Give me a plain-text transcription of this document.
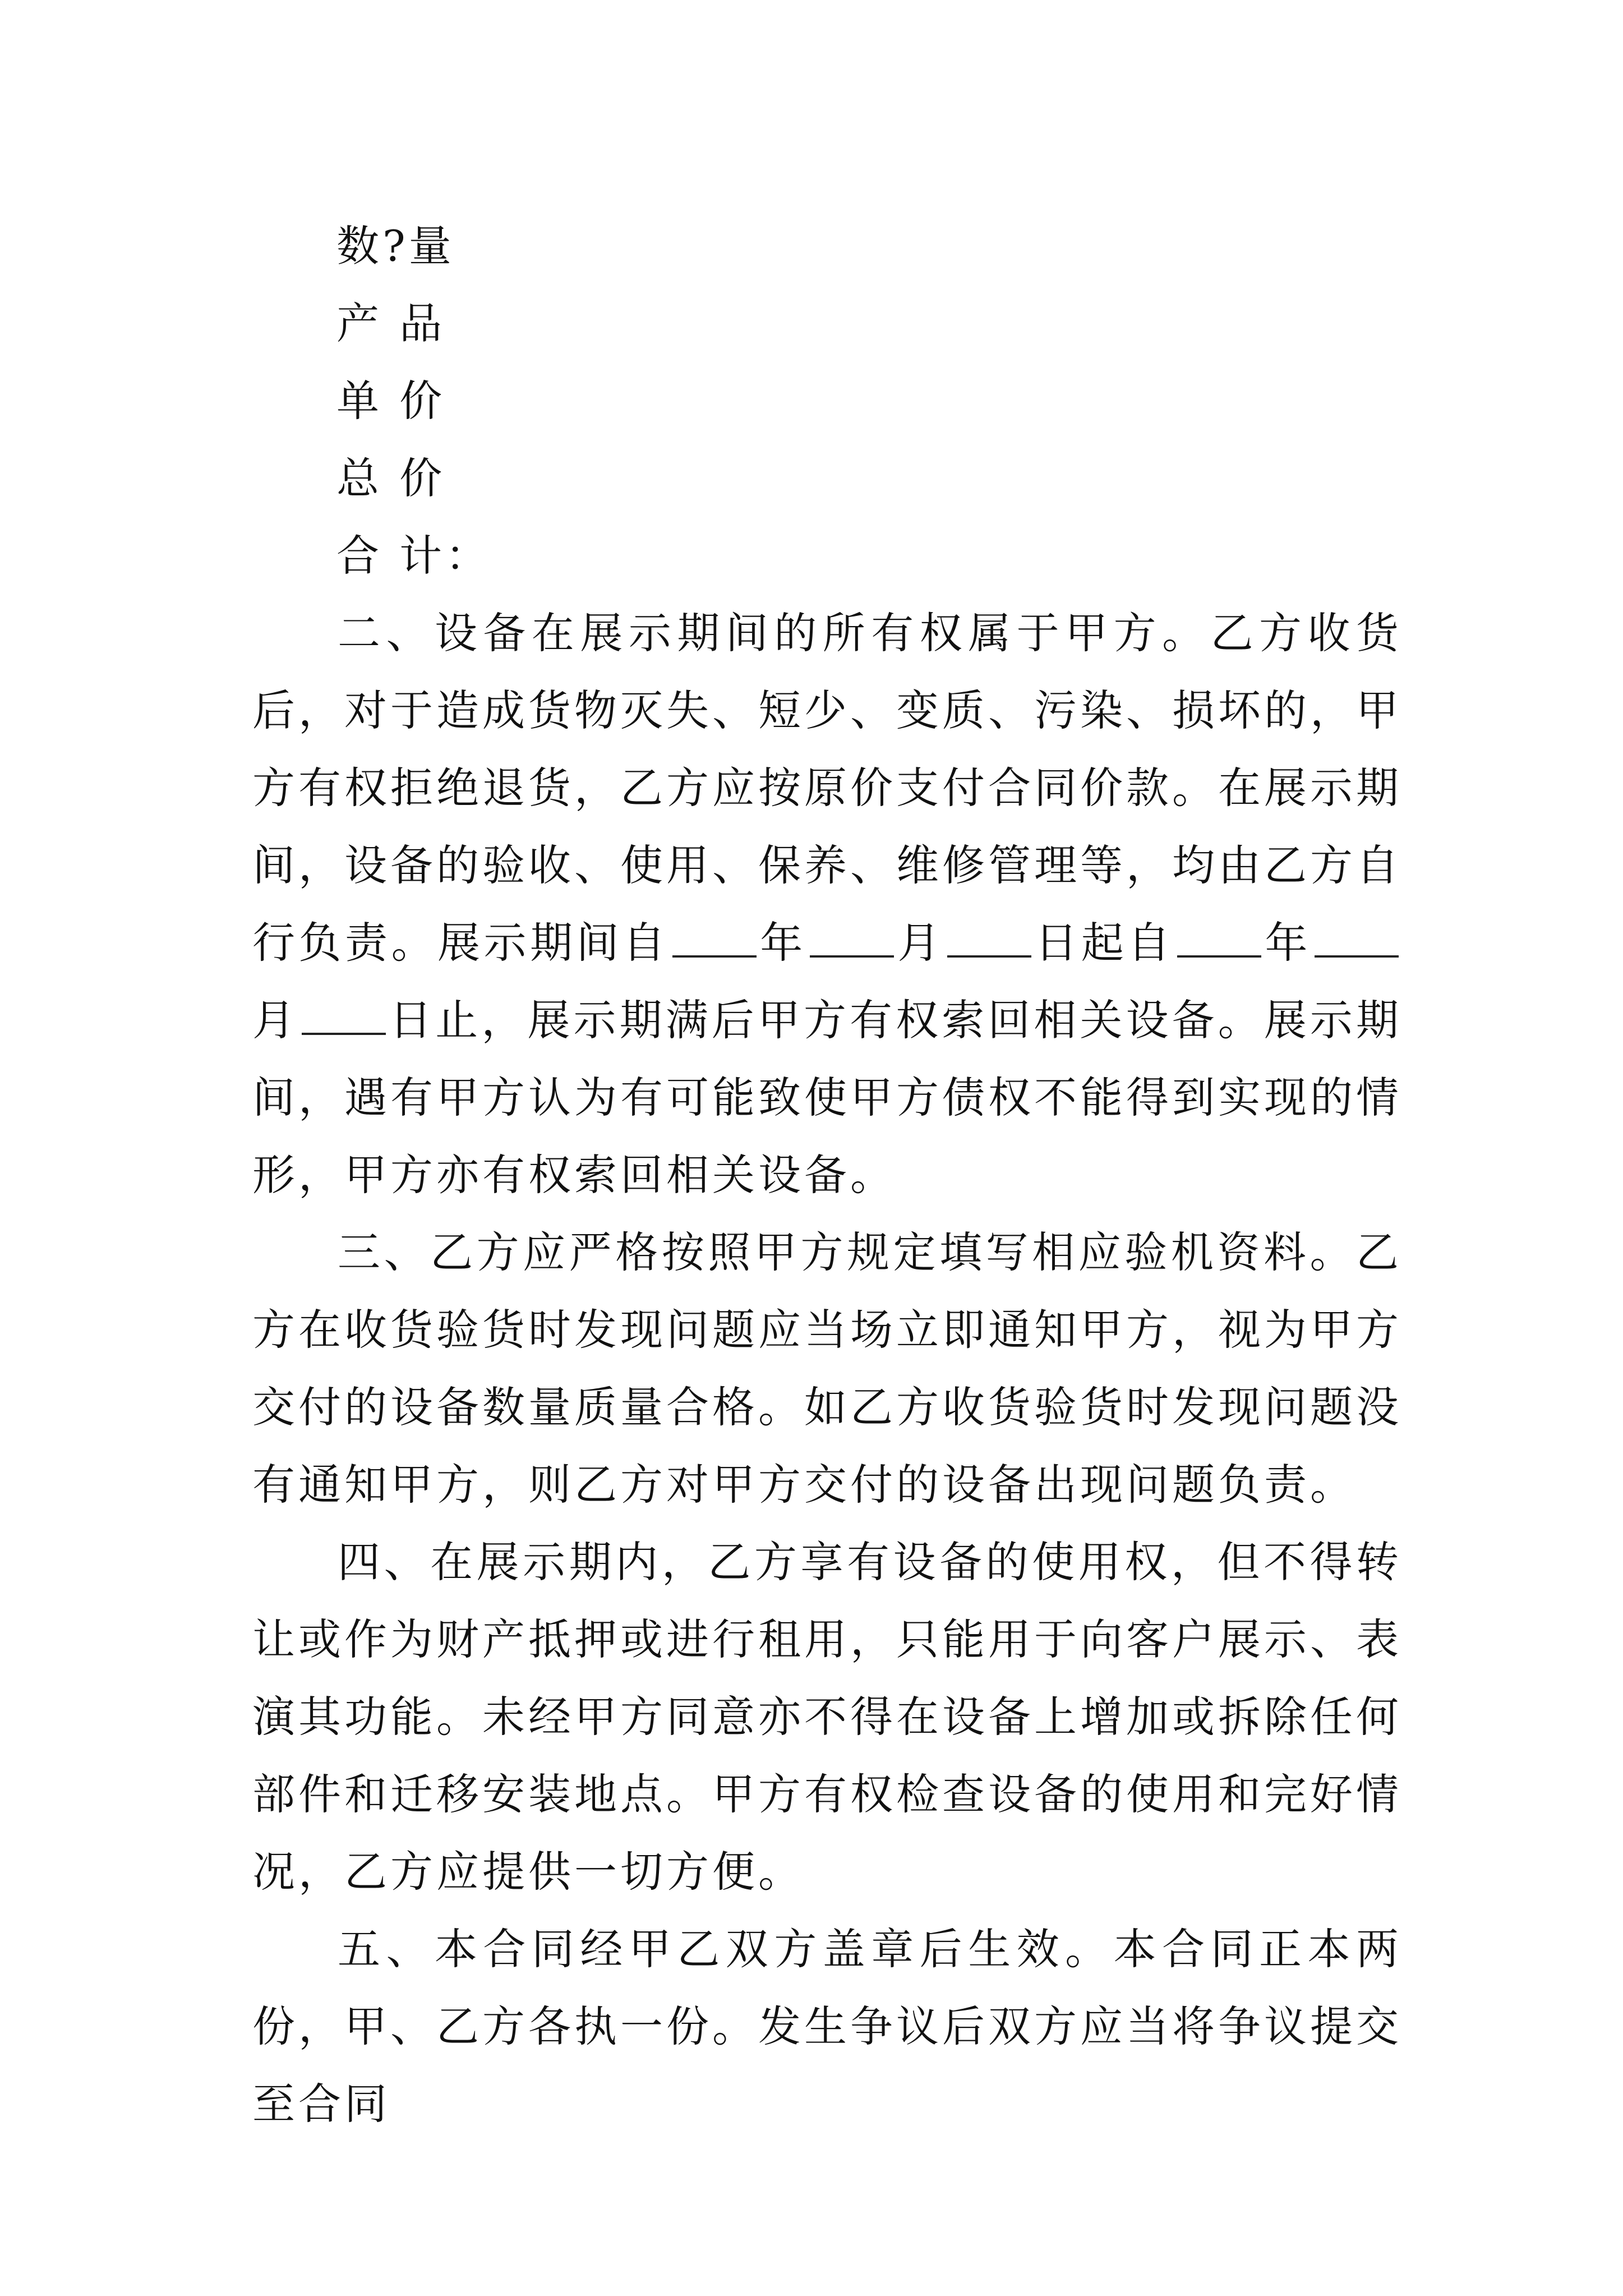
数?量
产 品
单 价
总 价
合 计：

二、设备在展示期间的所有权属于甲方。乙方收货后，对于造成货物灭失、短少、变质、污染、损坏的，甲方有权拒绝退货，乙方应按原价支付合同价款。在展示期间，设备的验收、使用、保养、维修管理等，均由乙方自行负责。展示期间自 年 月 日起自 年月 日止，展示期满后甲方有权索回相关设备。展示期间，遇有甲方认为有可能致使甲方债权不能得到实现的情形，甲方亦有权索回相关设备。

三、乙方应严格按照甲方规定填写相应验机资料。乙方在收货验货时发现问题应当场立即通知甲方，视为甲方交付的设备数量质量合格。如乙方收货验货时发现问题没有通知甲方，则乙方对甲方交付的设备出现问题负责。

四、在展示期内，乙方享有设备的使用权，但不得转让或作为财产抵押或进行租用，只能用于向客户展示、表演其功能。未经甲方同意亦不得在设备上增加或拆除任何部件和迁移安装地点。甲方有权检查设备的使用和完好情况，乙方应提供一切方便。

五、本合同经甲乙双方盖章后生效。本合同正本两份，甲、乙方各执一份。发生争议后双方应当将争议提交至合同
